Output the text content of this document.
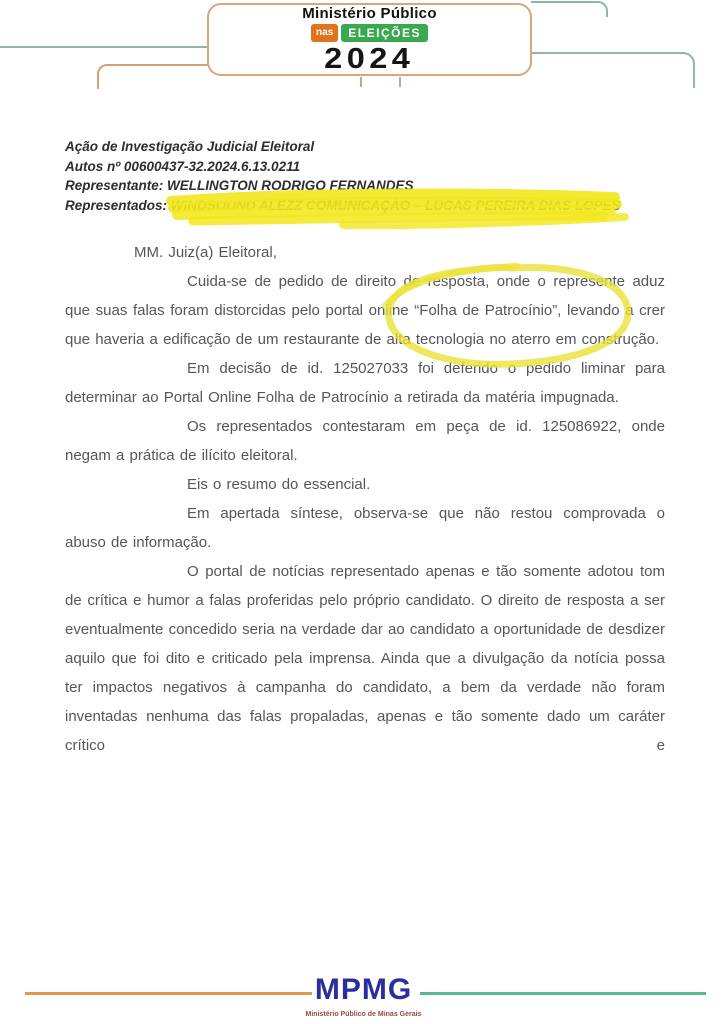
Ministério Público
nas	ELEIÇÕES
2024
Ação de Investigação Judicial Eleitoral
Autos nº 00600437-32.2024.6.13.0211
Representante: WELLINGTON RODRIGO FERNANDES
Representados: WINDSOUND ALEZZ COMUNICAÇÃO – LUCAS PEREIRA DIAS LOPES

MM. Juiz(a) Eleitoral,

Cuida-se de pedido de direito de resposta, onde o represente aduz que suas falas foram distorcidas pelo portal online “Folha de Patrocínio”,
levando a crer que haveria a edificação de um restaurante de alta tecnologia no aterro em construção.

Em decisão de id. 125027033 foi deferido o pedido liminar para determinar ao Portal Online Folha de Patrocínio a retirada da matéria impugnada.

Os representados contestaram em peça de id. 125086922, onde negam a prática de ilícito eleitoral.

Eis o resumo do essencial.

Em apertada síntese, observa-se que não restou comprovada o abuso de informação.

O portal de notícias representado apenas e tão somente adotou tom de crítica e humor a falas proferidas pelo próprio candidato. O direito de resposta a ser eventualmente concedido seria na verdade dar ao candidato a oportunidade de desdizer aquilo que foi dito e criticado pela imprensa. Ainda que a divulgação da notícia possa ter impactos negativos à campanha do candidato, a bem da verdade não foram inventadas nenhuma das falas propaladas, apenas e tão somente dado um caráter crítico e

MPMG
Ministério Público de Minas Gerais
